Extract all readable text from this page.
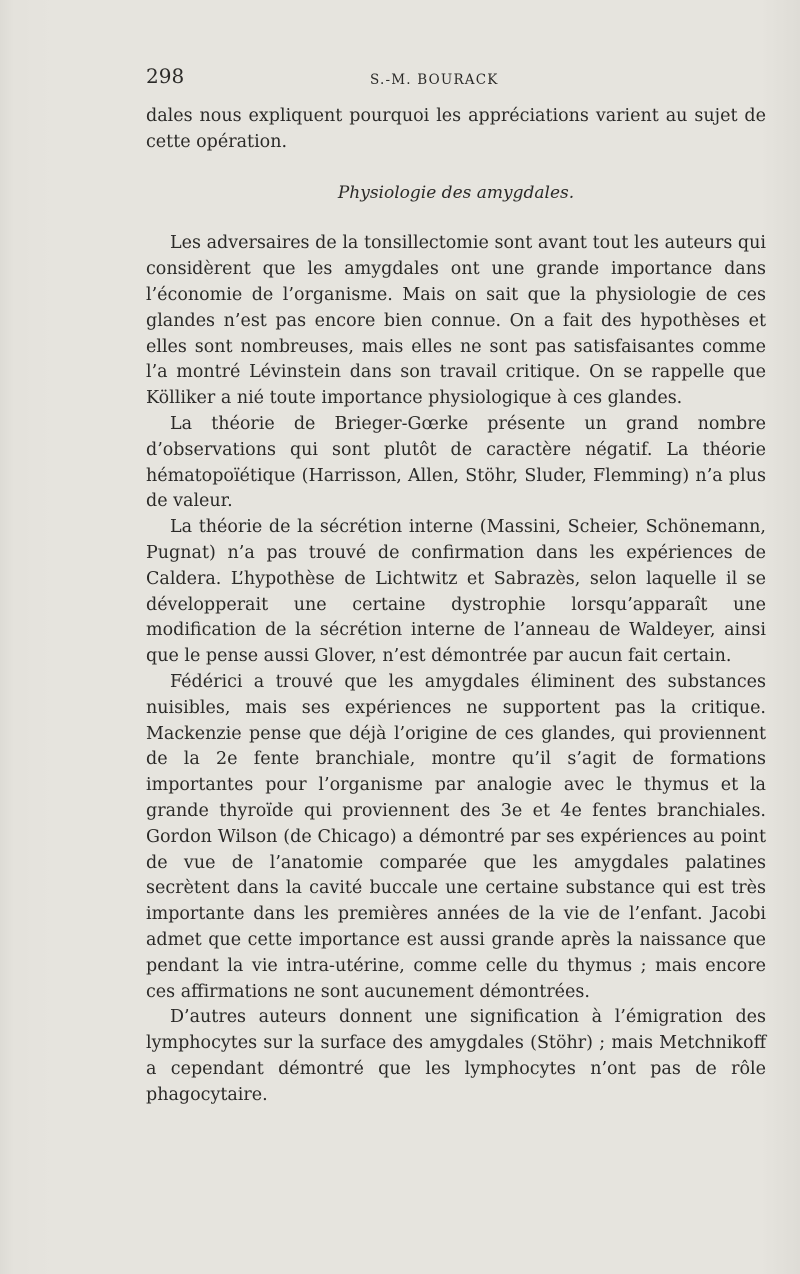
298	S.-M. BOURACK

dales nous expliquent pourquoi les appréciations varient au sujet de cette opération.

Physiologie des amygdales.

Les adversaires de la tonsillectomie sont avant tout les auteurs qui considèrent que les amygdales ont une grande importance dans l’économie de l’organisme. Mais on sait que la physiologie de ces glandes n’est pas encore bien connue. On a fait des hypothèses et elles sont nombreuses, mais elles ne sont pas satisfaisantes comme l’a montré Lévinstein dans son travail critique. On se rappelle que Kölliker a nié toute importance physiologique à ces glandes.

La théorie de Brieger-Gœrke présente un grand nombre d’observations qui sont plutôt de caractère négatif. La théorie hématopoïétique (Harrisson, Allen, Stöhr, Sluder, Flemming) n’a plus de valeur.

La théorie de la sécrétion interne (Massini, Scheier, Schönemann, Pugnat) n’a pas trouvé de confirmation dans les expériences de Caldera. L’hypothèse de Lichtwitz et Sabrazès, selon laquelle il se développerait une certaine dystrophie lorsqu’apparaît une modification de la sécrétion interne de l’anneau de Waldeyer, ainsi que le pense aussi Glover, n’est démontrée par aucun fait certain.

Fédérici a trouvé que les amygdales éliminent des substances nuisibles, mais ses expériences ne supportent pas la critique. Mackenzie pense que déjà l’origine de ces glandes, qui proviennent de la 2e fente branchiale, montre qu’il s’agit de formations importantes pour l’organisme par analogie avec le thymus et la grande thyroïde qui proviennent des 3e et 4e fentes branchiales. Gordon Wilson (de Chicago) a démontré par ses expériences au point de vue de l’anatomie comparée que les amygdales palatines secrètent dans la cavité buccale une certaine substance qui est très importante dans les premières années de la vie de l’enfant. Jacobi admet que cette importance est aussi grande après la naissance que pendant la vie intra-utérine, comme celle du thymus ; mais encore ces affirmations ne sont aucunement démontrées.

D’autres auteurs donnent une signification à l’émigration des lymphocytes sur la surface des amygdales (Stöhr) ; mais Metchnikoff a cependant démontré que les lymphocytes n’ont pas de rôle phagocytaire.
